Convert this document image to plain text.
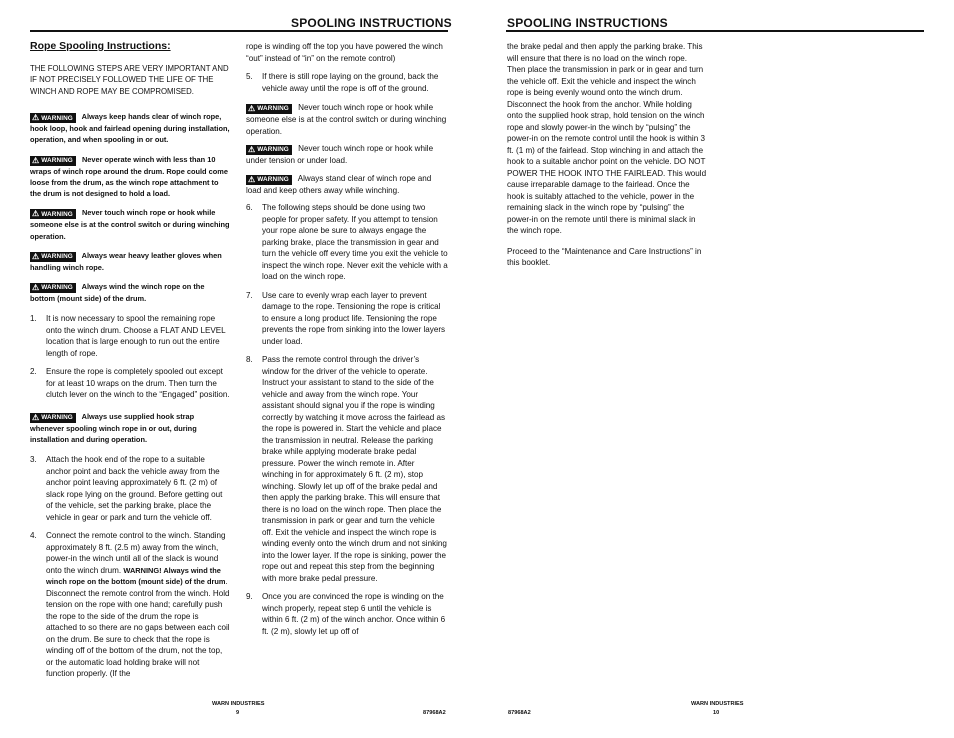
SPOOLING INSTRUCTIONS	SPOOLING INSTRUCTIONS

Rope Spooling Instructions:

THE FOLLOWING STEPS ARE VERY IMPORTANT AND IF NOT PRECISELY FOLLOWED THE LIFE OF THE WINCH AND ROPE MAY BE COMPROMISED.

⚠ WARNING Always keep hands clear of winch rope, hook loop, hook and fairlead opening during installation, operation, and when spooling in or out.

⚠ WARNING Never operate winch with less than 10 wraps of winch rope around the drum. Rope could come loose from the drum, as the winch rope attachment to the drum is not designed to hold a load.

⚠ WARNING Never touch winch rope or hook while someone else is at the control switch or during winching operation.

⚠ WARNING Always wear heavy leather gloves when handling winch rope.

⚠ WARNING Always wind the winch rope on the bottom (mount side) of the drum.

1.	It is now necessary to spool the remaining rope onto the winch drum. Choose a FLAT AND LEVEL location that is large enough to run out the entire length of rope.
2.	Ensure the rope is completely spooled out except for at least 10 wraps on the drum. Then turn the clutch lever on the winch to the “Engaged” position.

⚠ WARNING Always use supplied hook strap whenever spooling winch rope in or out, during installation and during operation.

3.	Attach the hook end of the rope to a suitable anchor point and back the vehicle away from the anchor point leaving approximately 6 ft. (2 m) of slack rope lying on the ground. Before getting out of the vehicle, set the parking brake, place the vehicle in gear or park and turn the vehicle off.
4.	Connect the remote control to the winch. Standing approximately 8 ft. (2.5 m) away from the winch, power-in the winch until all of the slack is wound onto the winch drum. WARNING! Always wind the winch rope on the bottom (mount side) of the drum. Disconnect the remote control from the winch. Hold tension on the rope with one hand; carefully push the rope to the side of the drum the rope is attached to so there are no gaps between each coil on the drum. Be sure to check that the rope is winding off of the bottom of the drum, not the top, or the automatic load holding brake will not function properly. (If the

rope is winding off the top you have powered the winch “out” instead of “in” on the remote control)

5.	If there is still rope laying on the ground, back the vehicle away until the rope is off of the ground.

⚠ WARNING Never touch winch rope or hook while someone else is at the control switch or during winching operation.

⚠ WARNING Never touch winch rope or hook while under tension or under load.

⚠ WARNING Always stand clear of winch rope and load and keep others away while winching.

6.	The following steps should be done using two people for proper safety. If you attempt to tension your rope alone be sure to always engage the parking brake, place the transmission in gear and turn the vehicle off every time you exit the vehicle to inspect the winch rope. Never exit the vehicle with a load on the winch rope.
7.	Use care to evenly wrap each layer to prevent damage to the rope. Tensioning the rope is critical to ensure a long product life. Tensioning the rope prevents the rope from sinking into the lower layers under load.
8.	Pass the remote control through the driver’s window for the driver of the vehicle to operate. Instruct your assistant to stand to the side of the vehicle and away from the winch rope. Your assistant should signal you if the rope is winding correctly by watching it move across the fairlead as the rope is powered in. Start the vehicle and place the transmission in neutral. Release the parking brake while applying moderate brake pedal pressure. Power the winch remote in. After winching in for approximately 6 ft. (2 m), stop winching. Slowly let up off of the brake pedal and then apply the parking brake. This will ensure that there is no load on the winch rope. Then place the transmission in park or gear and turn the vehicle off. Exit the vehicle and inspect the winch rope is winding evenly onto the winch drum and not sinking into the lower layer. If the rope is sinking, power the rope out and repeat this step from the beginning with more brake pedal pressure.
9.	Once you are convinced the rope is winding on the winch properly, repeat step 6 until the vehicle is within 6 ft. (2 m) of the winch anchor. Once within 6 ft. (2 m), slowly let up off of

the brake pedal and then apply the parking brake. This will ensure that there is no load on the winch rope. Then place the transmission in park or in gear and turn the vehicle off. Exit the vehicle and inspect the winch rope is being evenly wound onto the winch drum. Disconnect the hook from the anchor. While holding onto the supplied hook strap, hold tension on the winch rope and slowly power-in the winch by “pulsing” the power-in on the remote control until the hook is within 3 ft. (1 m) of the fairlead. Stop winching in and attach the hook to a suitable anchor point on the vehicle. DO NOT POWER THE HOOK INTO THE FAIRLEAD. This would cause irreparable damage to the fairlead. Once the hook is suitably attached to the vehicle, power in the remaining slack in the winch rope by “pulsing” the power-in on the remote until there is minimal slack in the winch rope.

Proceed to the “Maintenance and Care Instructions” in this booklet.

WARN INDUSTRIES
9	87968A2	87968A2
WARN INDUSTRIES
10
